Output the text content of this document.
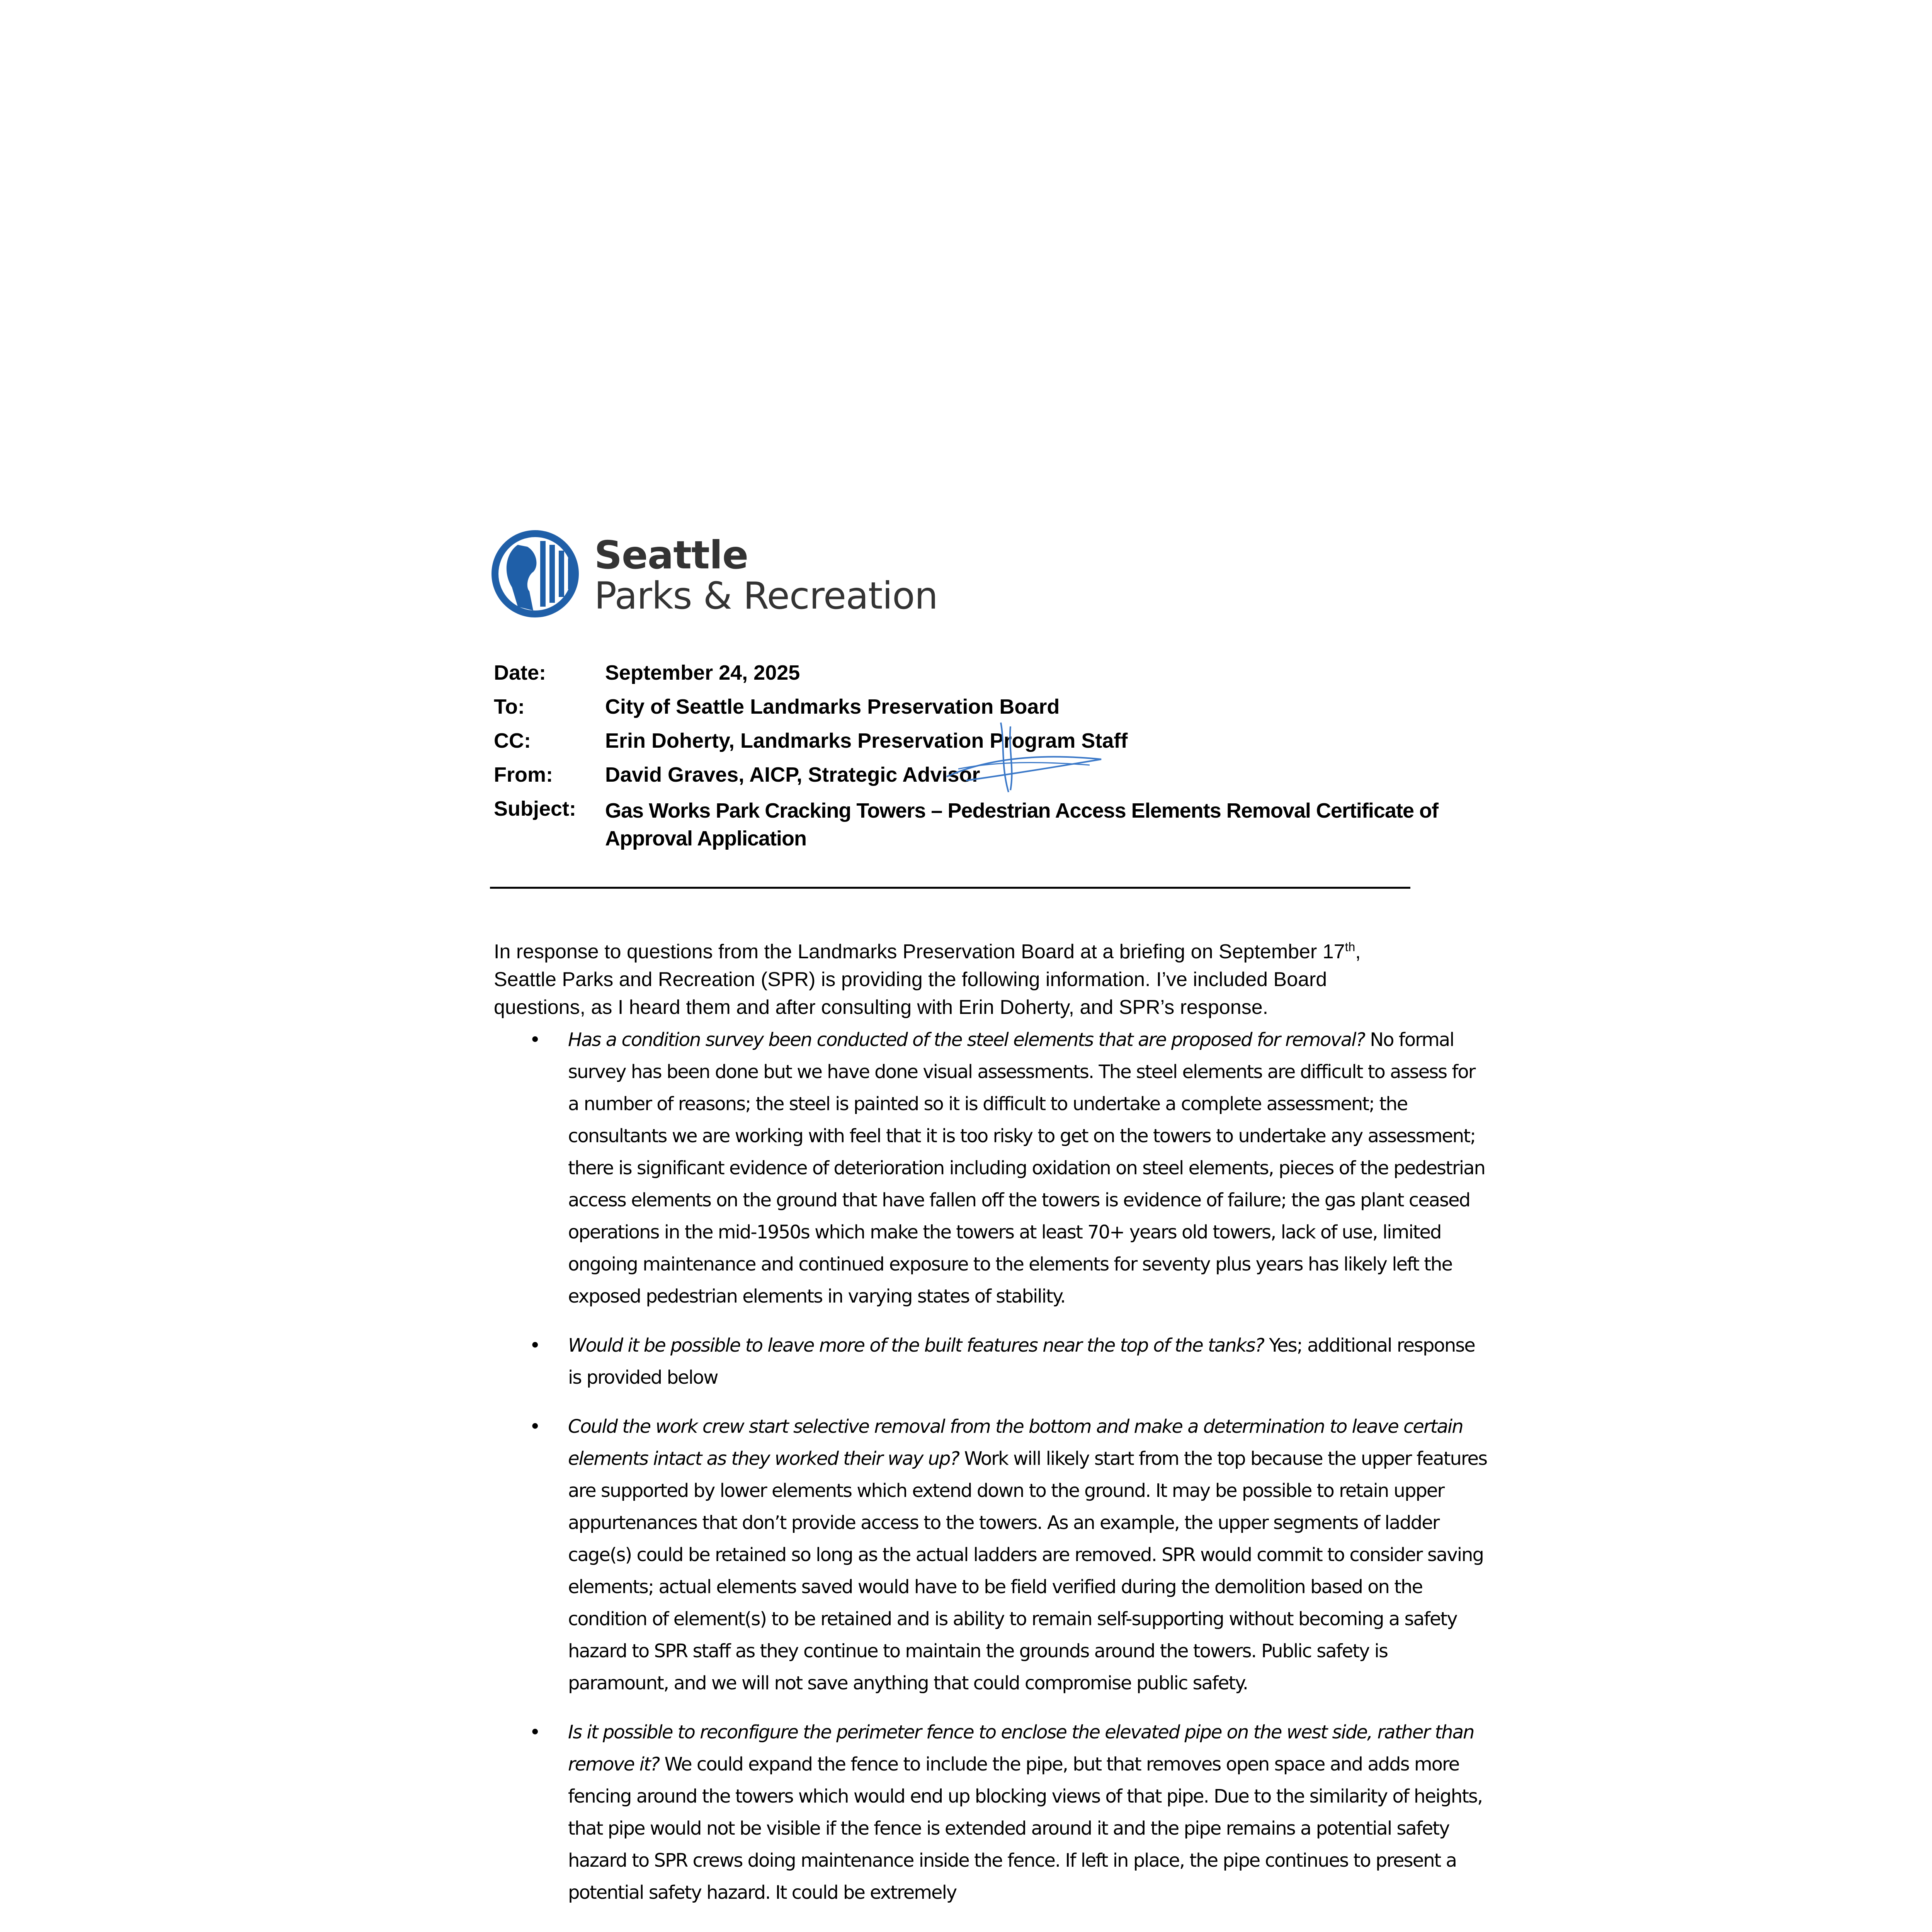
Seattle
Parks & Recreation
Date:	September 24, 2025
To:	City of Seattle Landmarks Preservation Board
CC:	Erin Doherty, Landmarks Preservation Program Staff
From:	David Graves, AICP, Strategic Advisor
Subject: Gas Works Park Cracking Towers – Pedestrian Access Elements Removal Certificate of Approval Application

In response to questions from the Landmarks Preservation Board at a briefing on September 17th, Seattle Parks and Recreation (SPR) is providing the following information. I’ve included Board questions, as I heard them and after consulting with Erin Doherty, and SPR’s response.

• Has a condition survey been conducted of the steel elements that are proposed for removal? No formal survey has been done but we have done visual assessments. The steel elements are difficult to assess for a number of reasons; the steel is painted so it is difficult to undertake a complete assessment; the consultants we are working with feel that it is too risky to get on the towers to undertake any assessment; there is significant evidence of deterioration including oxidation on steel elements, pieces of the pedestrian access elements on the ground that have fallen off the towers is evidence of failure; the gas plant ceased operations in the mid-1950s which make the towers at least 70+ years old towers, lack of use, limited ongoing maintenance and continued exposure to the elements for seventy plus years has likely left the exposed pedestrian elements in varying states of stability.
• Would it be possible to leave more of the built features near the top of the tanks? Yes; additional response is provided below
• Could the work crew start selective removal from the bottom and make a determination to leave certain elements intact as they worked their way up? Work will likely start from the top because the upper features are supported by lower elements which extend down to the ground. It may be possible to retain upper appurtenances that don’t provide access to the towers. As an example, the upper segments of ladder cage(s) could be retained so long as the actual ladders are removed. SPR would commit to consider saving elements; actual elements saved would have to be field verified during the demolition based on the condition of element(s) to be retained and is ability to remain self-supporting without becoming a safety hazard to SPR staff as they continue to maintain the grounds around the towers. Public safety is paramount, and we will not save anything that could compromise public safety.
• Is it possible to reconfigure the perimeter fence to enclose the elevated pipe on the west side, rather than remove it? We could expand the fence to include the pipe, but that removes open space and adds more fencing around the towers which would end up blocking views of that pipe. Due to the similarity of heights, that pipe would not be visible if the fence is extended around it and the pipe remains a potential safety hazard to SPR crews doing maintenance inside the fence. If left in place, the pipe continues to present a potential safety hazard. It could be extremely
